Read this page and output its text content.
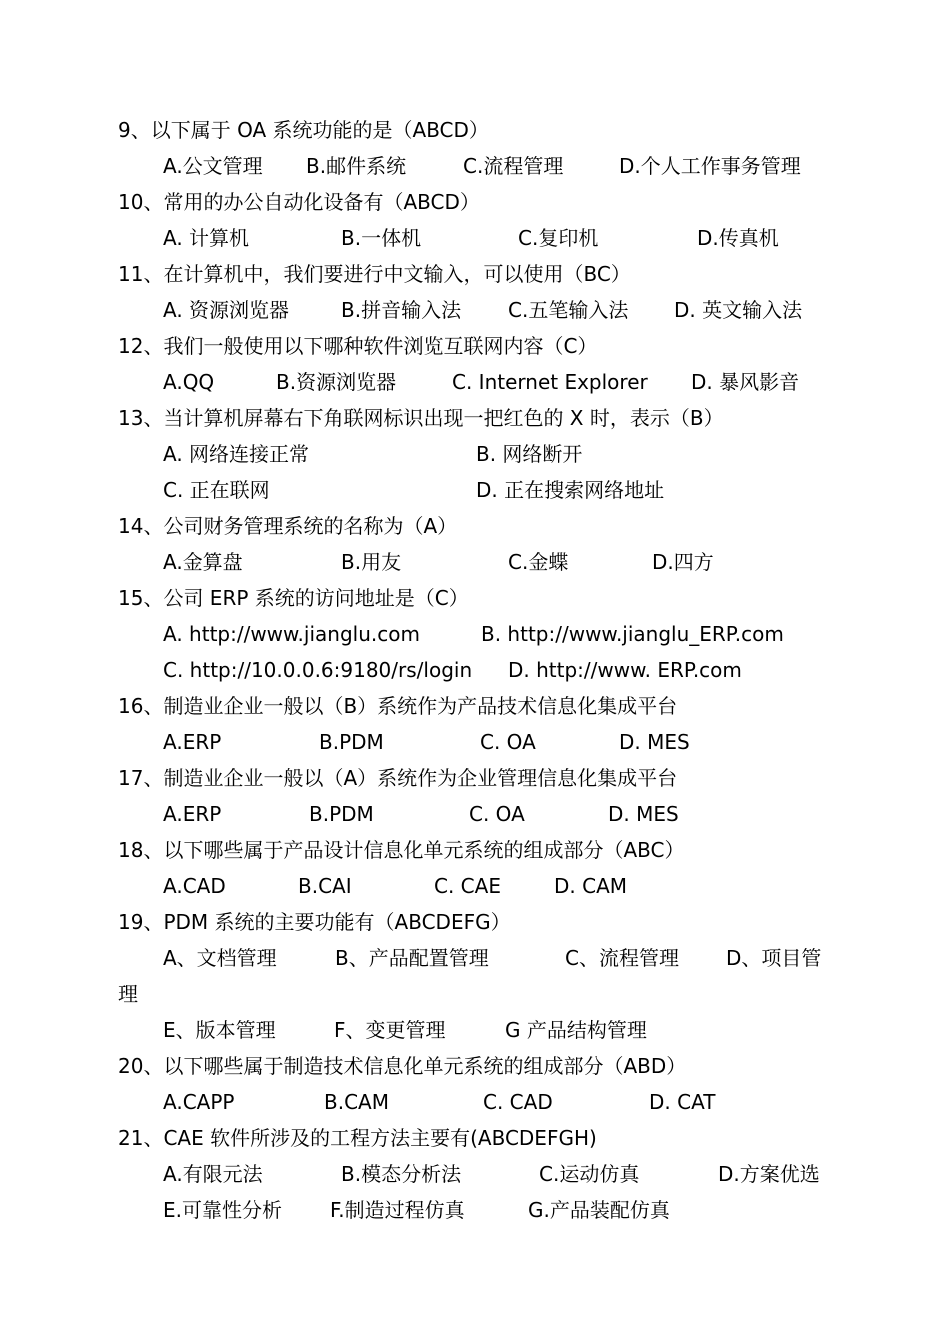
9、以下属于 OA 系统功能的是（ABCD）
A.公文管理 B.邮件系统	C.流程管理	D.个人工作事务管理
10、常用的办公自动化设备有（ABCD）
A. 计算机	B.一体机	C.复印机	D.传真机
11、在计算机中，我们要进行中文输入，可以使用（BC）
A. 资源浏览器	B.拼音输入法 C.五笔输入法 D. 英文输入法
12、我们一般使用以下哪种软件浏览互联网内容（C）
A.QQ	B.资源浏览器	C. Internet Explorer D. 暴风影音
13、当计算机屏幕右下角联网标识出现一把红色的 X 时，表示（B）
A. 网络连接正常	B. 网络断开
C. 正在联网	D. 正在搜索网络地址
14、公司财务管理系统的名称为（A）
A.金算盘	B.用友	C.金蝶	D.四方
15、公司 ERP 系统的访问地址是（C）
A. http://www.jianglu.com	B. http://www.jianglu_ERP.com
C. http://10.0.0.6:9180/rs/login D. http://www. ERP.com
16、制造业企业一般以（B）系统作为产品技术信息化集成平台
A.ERP	B.PDM	C. OA	D. MES
17、制造业企业一般以（A）系统作为企业管理信息化集成平台
A.ERP	B.PDM	C. OA	D. MES
18、以下哪些属于产品设计信息化单元系统的组成部分（ABC）
A.CAD	B.CAI	C. CAE	D. CAM
19、PDM 系统的主要功能有（ABCDEFG）
A、文档管理	B、产品配置管理	C、流程管理 D、项目管
理
E、版本管理	F、变更管理	G 产品结构管理
20、以下哪些属于制造技术信息化单元系统的组成部分（ABD）
A.CAPP	B.CAM	C. CAD	D. CAT
21、CAE 软件所涉及的工程方法主要有(ABCDEFGH)
A.有限元法	B.模态分析法	C.运动仿真	D.方案优选
E.可靠性分析 F.制造过程仿真	G.产品装配仿真
